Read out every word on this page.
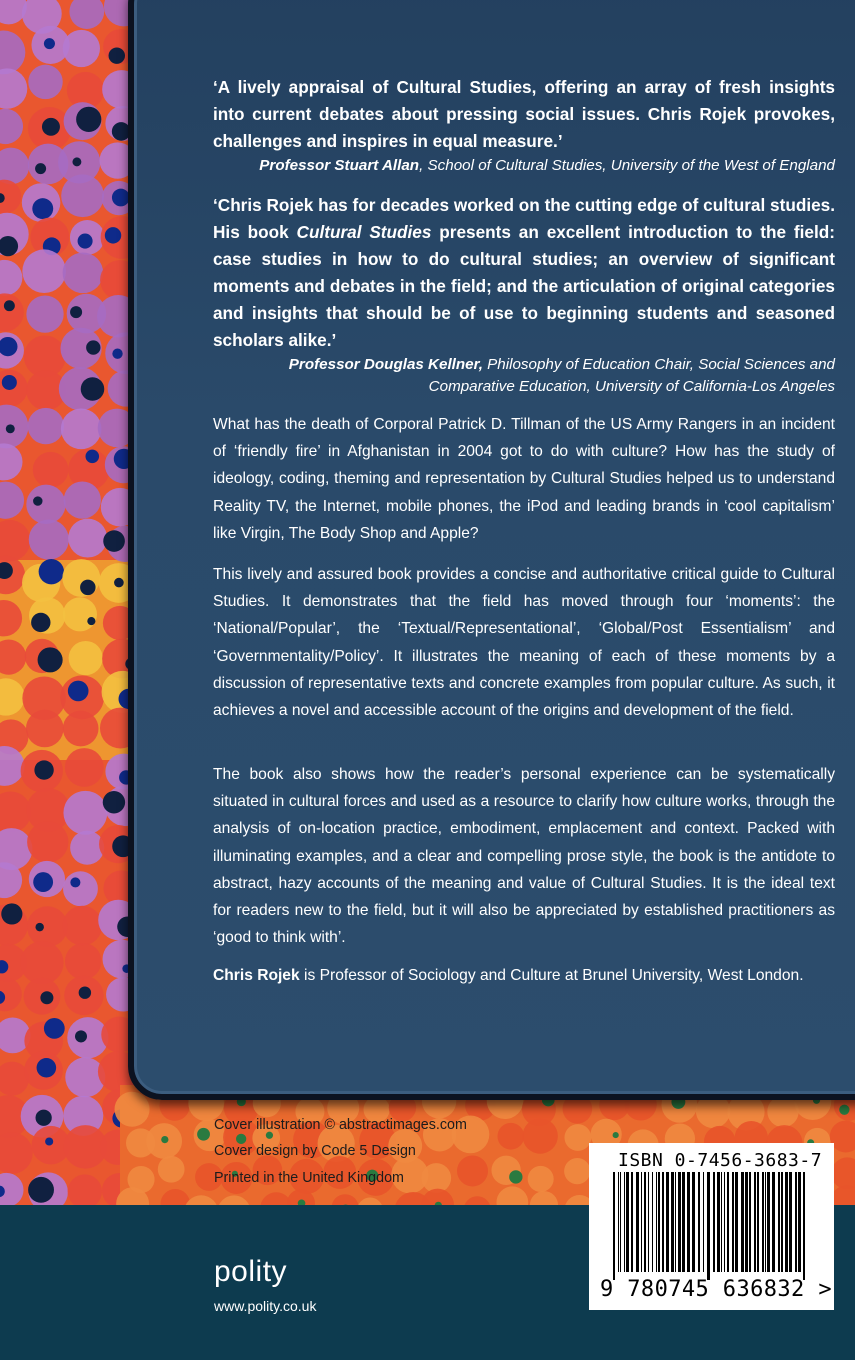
‘A lively appraisal of Cultural Studies, offering an array of fresh insights into current debates about pressing social issues. Chris Rojek provokes, challenges and inspires in equal measure.’

Professor Stuart Allan, School of Cultural Studies, University of the West of England

‘Chris Rojek has for decades worked on the cutting edge of cultural studies. His book Cultural Studies presents an excellent introduction to the field: case studies in how to do cultural studies; an overview of significant moments and debates in the field; and the articulation of original categories and insights that should be of use to beginning students and seasoned scholars alike.’

Professor Douglas Kellner, Philosophy of Education Chair, Social Sciences and
Comparative Education, University of California-Los Angeles

What has the death of Corporal Patrick D. Tillman of the US Army Rangers in an incident of ‘friendly fire’ in Afghanistan in 2004 got to do with culture? How has the study of ideology, coding, theming and representation by Cultural Studies helped us to understand Reality TV, the Internet, mobile phones, the iPod and leading brands in ‘cool capitalism’ like Virgin, The Body Shop and Apple?

This lively and assured book provides a concise and authoritative critical guide to Cultural Studies. It demonstrates that the field has moved through four ‘moments’: the ‘National/Popular’, the ‘Textual/Representational’, ‘Global/Post Essentialism’ and ‘Governmentality/Policy’. It illustrates the meaning of each of these moments by a discussion of representative texts and concrete examples from popular culture. As such, it achieves a novel and accessible account of the origins and development of the field.

The book also shows how the reader’s personal experience can be systematically situated in cultural forces and used as a resource to clarify how culture works, through the analysis of on-location practice, embodiment, emplacement and context. Packed with illuminating examples, and a clear and compelling prose style, the book is the antidote to abstract, hazy accounts of the meaning and value of Cultural Studies. It is the ideal text for readers new to the field, but it will also be appreciated by established practitioners as ‘good to think with’.

Chris Rojek is Professor of Sociology and Culture at Brunel University, West London.

Cover illustration © abstractimages.com
Cover design by Code 5 Design
Printed in the United Kingdom
polity
www.polity.co.uk
ISBN 0-7456-3683-7
9 780745 636832 >
